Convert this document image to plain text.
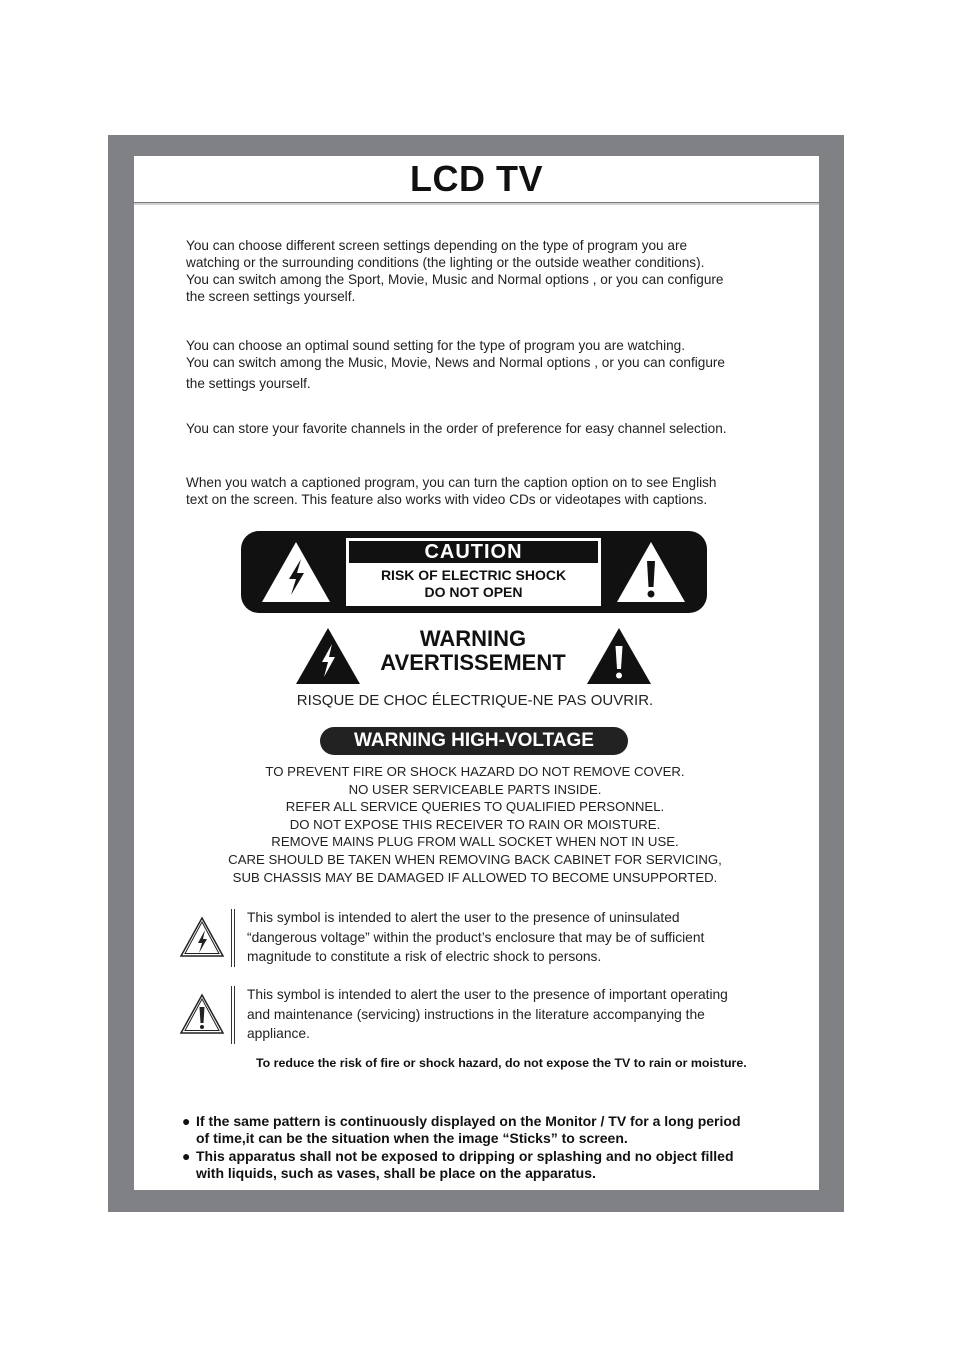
LCD TV
You can choose different screen settings depending on the type of program you are
watching or the surrounding conditions (the lighting or the outside weather conditions).
You can switch among the Sport, Movie, Music and Normal options , or you can configure
the screen settings yourself.
You can choose an optimal sound setting for the type of program you are watching.
You can switch among the Music, Movie, News and Normal options , or you can configure
the settings yourself.
You can store your favorite channels in the order of preference for easy channel selection.
When you watch a captioned program, you can turn the caption option on to see English
text on the screen. This feature also works with video CDs or videotapes with captions.
CAUTION
RISK OF ELECTRIC SHOCK
DO NOT OPEN
WARNING
AVERTISSEMENT
RISQUE DE CHOC ÉLECTRIQUE-NE PAS OUVRIR.
WARNING HIGH-VOLTAGE
TO PREVENT FIRE OR SHOCK HAZARD DO NOT REMOVE COVER.
NO USER SERVICEABLE PARTS INSIDE.
REFER ALL SERVICE QUERIES TO QUALIFIED PERSONNEL.
DO NOT EXPOSE THIS RECEIVER TO RAIN OR MOISTURE.
REMOVE MAINS PLUG FROM WALL SOCKET WHEN NOT IN USE.
CARE SHOULD BE TAKEN WHEN REMOVING BACK CABINET FOR SERVICING,
SUB CHASSIS MAY BE DAMAGED IF ALLOWED TO BECOME UNSUPPORTED.
This symbol is intended to alert the user to the presence of uninsulated
“dangerous voltage” within the product’s enclosure that may be of sufficient
magnitude to constitute a risk of electric shock to persons.
This symbol is intended to alert the user to the presence of important operating
and maintenance (servicing) instructions in the literature accompanying the
appliance.
To reduce the risk of fire or shock hazard, do not expose the TV to rain or moisture.
● If the same pattern is continuously displayed on the Monitor / TV for a long period
of time,it can be the situation when the image “Sticks” to screen.
● This apparatus shall not be exposed to dripping or splashing and no object filled
with liquids, such as vases, shall be place on the apparatus.
